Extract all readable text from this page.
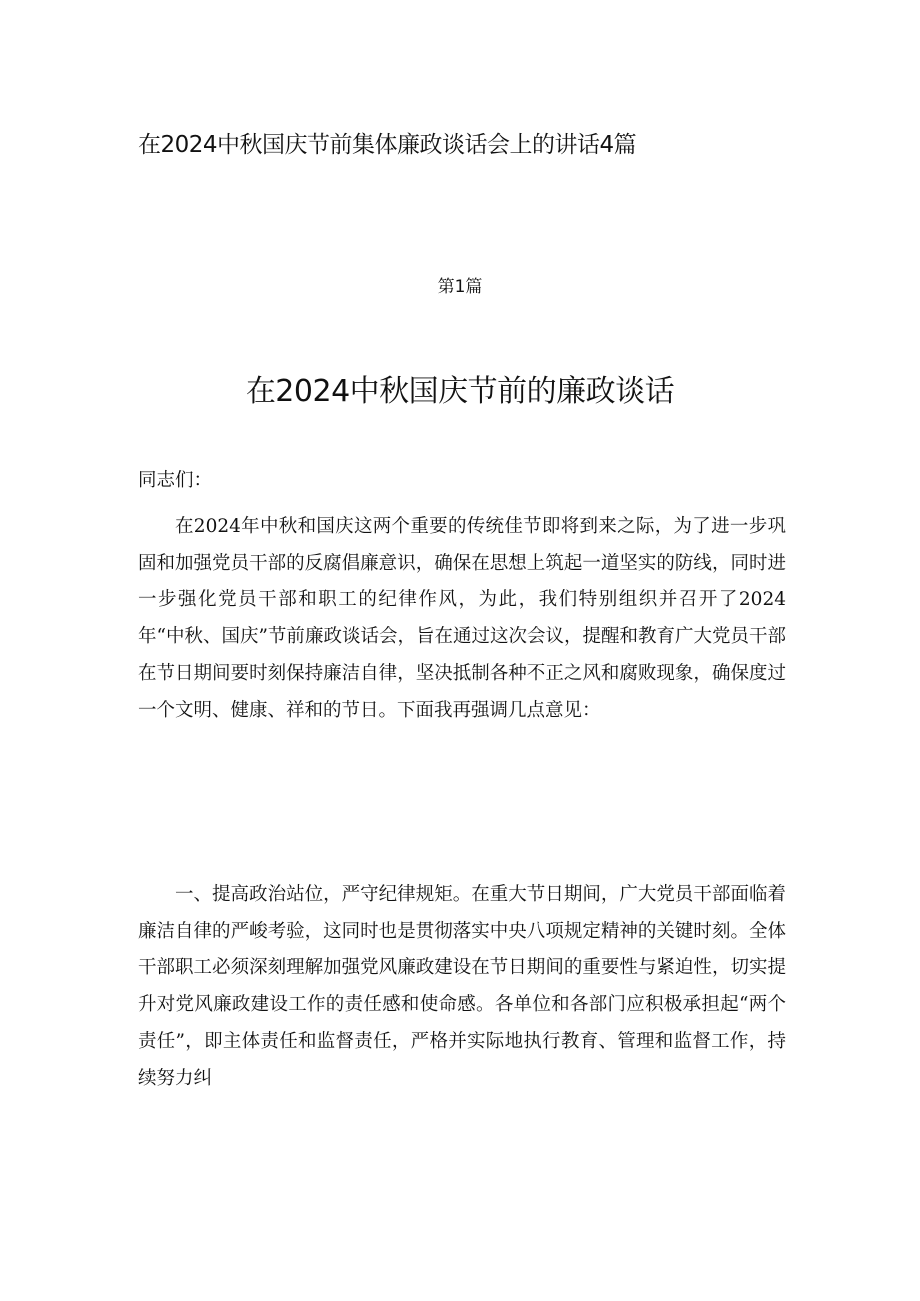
在2024中秋国庆节前集体廉政谈话会上的讲话4篇

第1篇

在2024中秋国庆节前的廉政谈话

同志们：

在2024年中秋和国庆这两个重要的传统佳节即将到来之际，为了进一步巩固和加强党员干部的反腐倡廉意识，确保在思想上筑起一道坚实的防线，同时进一步强化党员干部和职工的纪律作风，为此，我们特别组织并召开了2024年“中秋、国庆”节前廉政谈话会，旨在通过这次会议，提醒和教育广大党员干部在节日期间要时刻保持廉洁自律，坚决抵制各种不正之风和腐败现象，确保度过一个文明、健康、祥和的节日。下面我再强调几点意见：

一、提高政治站位，严守纪律规矩。在重大节日期间，广大党员干部面临着廉洁自律的严峻考验，这同时也是贯彻落实中央八项规定精神的关键时刻。全体干部职工必须深刻理解加强党风廉政建设在节日期间的重要性与紧迫性，切实提升对党风廉政建设工作的责任感和使命感。各单位和各部门应积极承担起“两个责任”，即主体责任和监督责任，严格并实际地执行教育、管理和监督工作，持续努力纠
